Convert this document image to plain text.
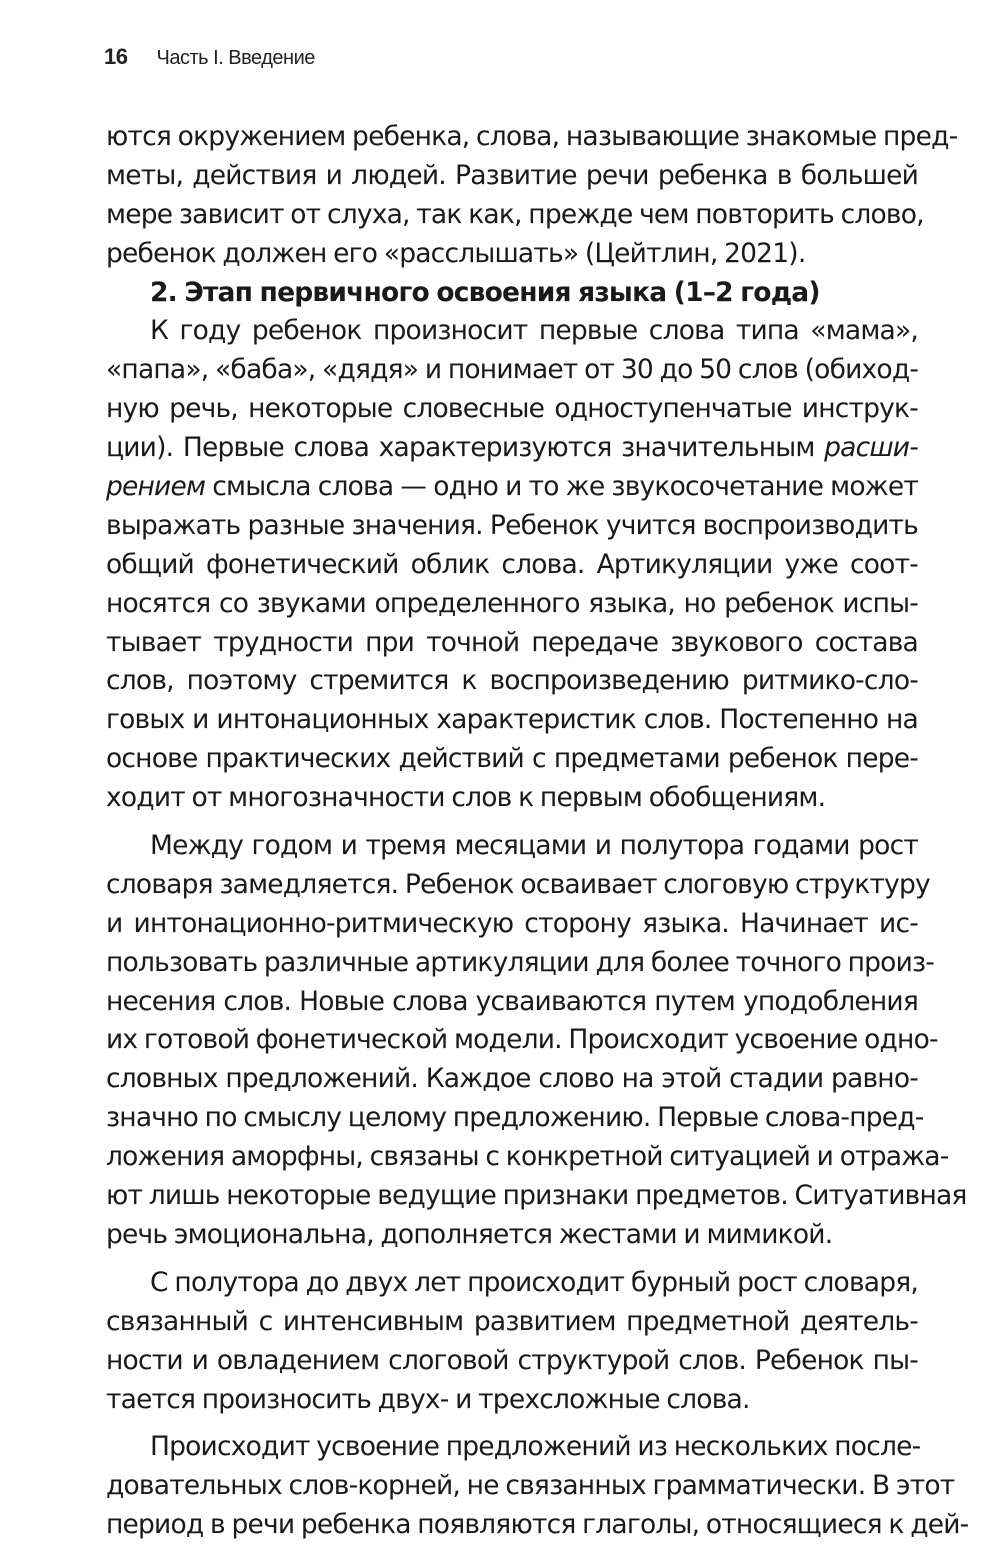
16 Часть I. Введение
ются окружением ребенка, слова, называющие знакомые пред-
меты, действия и людей. Развитие речи ребенка в большей
мере зависит от слуха, так как, прежде чем повторить слово,
ребенок должен его «расслышать» (Цейтлин, 2021).
2. Этап первичного освоения языка (1–2 года)
К году ребенок произносит первые слова типа «мама»,
«папа», «баба», «дядя» и понимает от 30 до 50 слов (обиход-
ную речь, некоторые словесные одноступенчатые инструк-
ции). Первые слова характеризуются значительным расши-
рением смысла слова — одно и то же звукосочетание может
выражать разные значения. Ребенок учится воспроизводить
общий фонетический облик слова. Артикуляции уже соот-
носятся со звуками определенного языка, но ребенок испы-
тывает трудности при точной передаче звукового состава
слов, поэтому стремится к воспроизведению ритмико-сло-
говых и интонационных характеристик слов. Постепенно на
основе практических действий с предметами ребенок пере-
ходит от многозначности слов к первым обобщениям.
Между годом и тремя месяцами и полутора годами рост
словаря замедляется. Ребенок осваивает слоговую структуру
и интонационно-ритмическую сторону языка. Начинает ис-
пользовать различные артикуляции для более точного произ-
несения слов. Новые слова усваиваются путем уподобления
их готовой фонетической модели. Происходит усвоение одно-
словных предложений. Каждое слово на этой стадии равно-
значно по смыслу целому предложению. Первые слова-пред-
ложения аморфны, связаны с конкретной ситуацией и отража-
ют лишь некоторые ведущие признаки предметов. Ситуативная
речь эмоциональна, дополняется жестами и мимикой.
С полутора до двух лет происходит бурный рост словаря,
связанный с интенсивным развитием предметной деятель-
ности и овладением слоговой структурой слов. Ребенок пы-
тается произносить двух- и трехсложные слова.
Происходит усвоение предложений из нескольких после-
довательных слов-корней, не связанных грамматически. В этот
период в речи ребенка появляются глаголы, относящиеся к дей-
